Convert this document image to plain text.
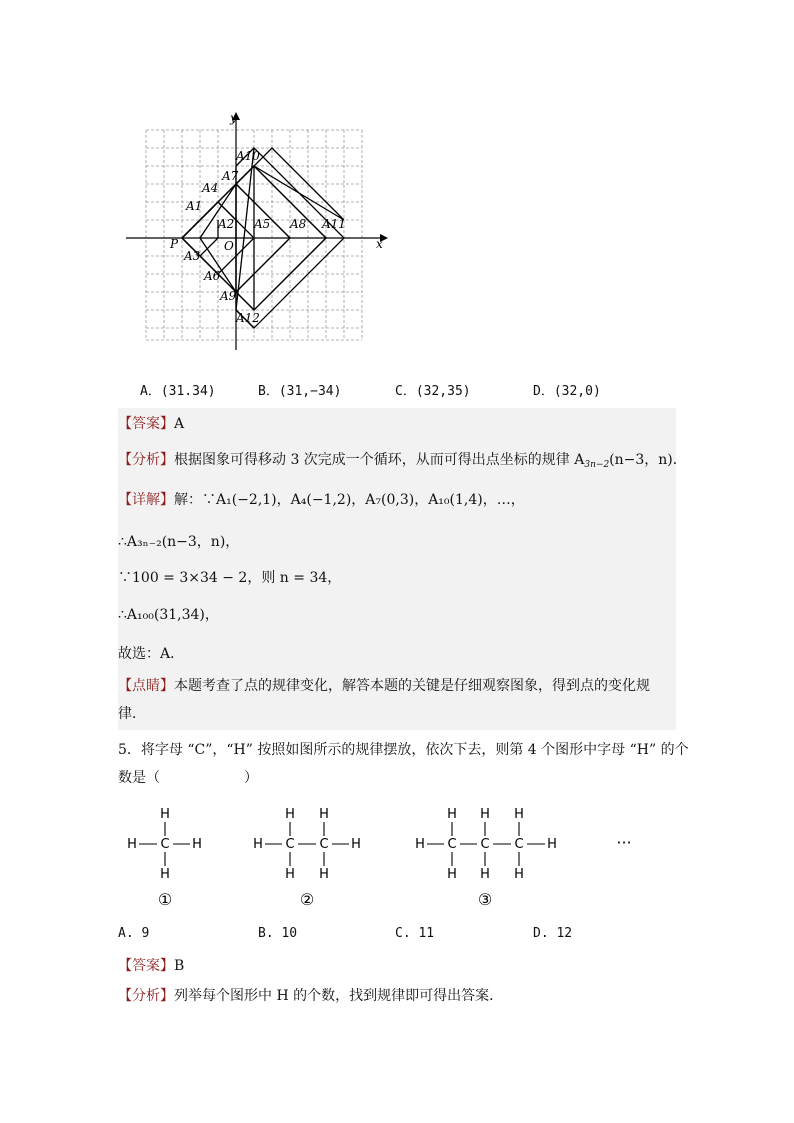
y
x
O
P
A1
A2
A3
A4
A5
A6
A7
A8
A9
A10
A11
A12
A．(31.34)	B．(31,−34)	C．(32,35)	D．(32,0)
【答案】A
【分析】根据图象可得移动 3 次完成一个循环，从而可得出点坐标的规律 $A_{3n-2}(n-3$，n)．
【详解】解：∵A₁(−2,1)，A₄(−1,2)，A₇(0,3)，A₁₀(1,4)，…，
∴A₃ₙ₋₂(n−3，n)，
∵100 = 3×34 − 2，则 n = 34，
∴A₁₀₀(31,34)，
故选：A．
【点睛】本题考查了点的规律变化，解答本题的关键是仔细观察图象，得到点的变化规
律．
5．将字母 “C”，“H” 按照如图所示的规律摆放，依次下去，则第 4 个图形中字母 “H” 的个
数是（　　　　　　）
H
C
H	H
H
①
H H
H C C H
H H
②
H H H
H C C C H
H H H
③
···
A. 9	B. 10	C. 11	D. 12
【答案】B
【分析】列举每个图形中 H 的个数，找到规律即可得出答案．
